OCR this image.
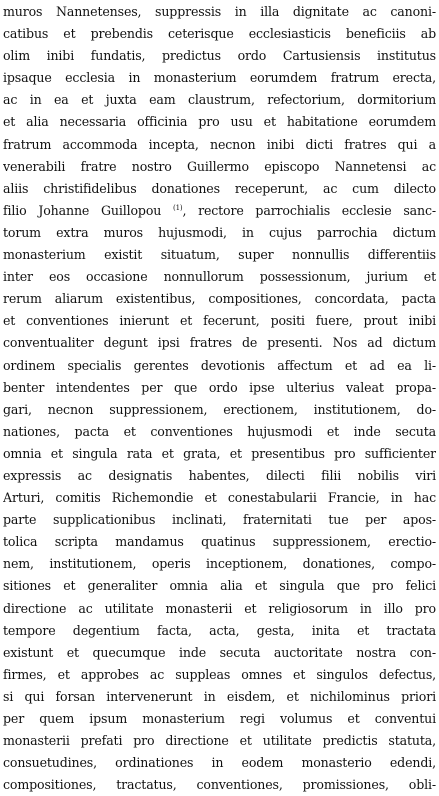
muros Nannetenses, suppressis in illa dignitate ac canoni-
catibus et prebendis ceterisque ecclesiasticis beneficiis ab
olim inibi fundatis, predictus ordo Cartusiensis institutus
ipsaque ecclesia in monasterium eorumdem fratrum erecta,
ac in ea et juxta eam claustrum, refectorium, dormitorium
et alia necessaria officinia pro usu et habitatione eorumdem
fratrum accommoda incepta, necnon inibi dicti fratres qui a
venerabili fratre nostro Guillermo episcopo Nannetensi ac
aliis christifidelibus donationes receperunt, ac cum dilecto
filio Johanne Guillopou $^{(1)}$, rectore parrochialis ecclesie sanc-
torum extra muros hujusmodi, in cujus parrochia dictum
monasterium existit situatum, super nonnullis differentiis
inter eos occasione nonnullorum possessionum, jurium et
rerum aliarum existentibus, compositiones, concordata, pacta
et conventiones inierunt et fecerunt, positi fuere, prout inibi
conventualiter degunt ipsi fratres de presenti. Nos ad dictum
ordinem specialis gerentes devotionis affectum et ad ea li-
benter intendentes per que ordo ipse ulterius valeat propa-
gari, necnon suppressionem, erectionem, institutionem, do-
nationes, pacta et conventiones hujusmodi et inde secuta
omnia et singula rata et grata, et presentibus pro sufficienter
expressis ac designatis habentes, dilecti filii nobilis viri
Arturi, comitis Richemondie et conestabularii Francie, in hac
parte supplicationibus inclinati, fraternitati tue per apos-
tolica scripta mandamus quatinus suppressionem, erectio-
nem, institutionem, operis inceptionem, donationes, compo-
sitiones et generaliter omnia alia et singula que pro felici
directione ac utilitate monasterii et religiosorum in illo pro
tempore degentium facta, acta, gesta, inita et tractata
existunt et quecumque inde secuta auctoritate nostra con-
firmes, et approbes ac suppleas omnes et singulos defectus,
si qui forsan intervenerunt in eisdem, et nichilominus priori
per quem ipsum monasterium regi volumus et conventui
monasterii prefati pro directione et utilitate predictis statuta,
consuetudines, ordinationes in eodem monasterio edendi,
compositiones, tractatus, conventiones, promissiones, obli-
